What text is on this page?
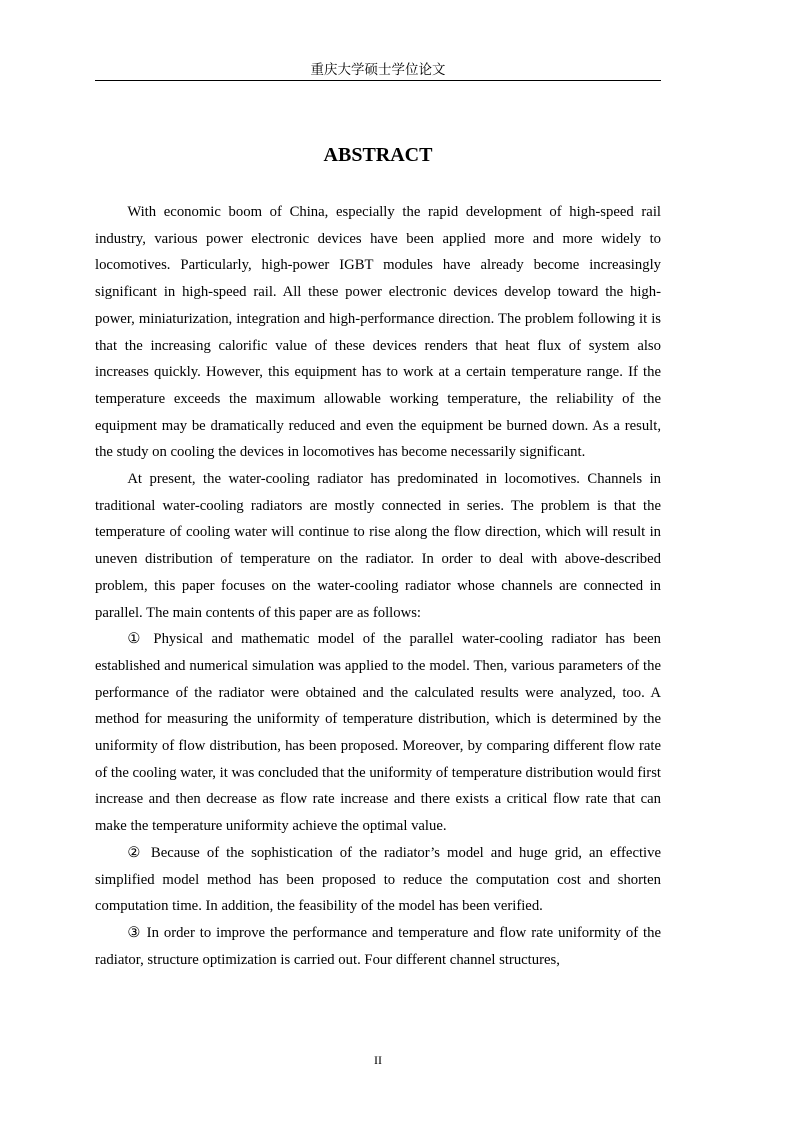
重庆大学硕士学位论文
ABSTRACT

With economic boom of China, especially the rapid development of high-speed rail industry, various power electronic devices have been applied more and more widely to locomotives. Particularly, high-power IGBT modules have already become increasingly significant in high-speed rail. All these power electronic devices develop toward the high-power, miniaturization, integration and high-performance direction. The problem following it is that the increasing calorific value of these devices renders that heat flux of system also increases quickly. However, this equipment has to work at a certain temperature range. If the temperature exceeds the maximum allowable working temperature, the reliability of the equipment may be dramatically reduced and even the equipment be burned down. As a result, the study on cooling the devices in locomotives has become necessarily significant.

At present, the water-cooling radiator has predominated in locomotives. Channels in traditional water-cooling radiators are mostly connected in series. The problem is that the temperature of cooling water will continue to rise along the flow direction, which will result in uneven distribution of temperature on the radiator. In order to deal with above-described problem, this paper focuses on the water-cooling radiator whose channels are connected in parallel. The main contents of this paper are as follows:

① Physical and mathematic model of the parallel water-cooling radiator has been established and numerical simulation was applied to the model. Then, various parameters of the performance of the radiator were obtained and the calculated results were analyzed, too. A method for measuring the uniformity of temperature distribution, which is determined by the uniformity of flow distribution, has been proposed. Moreover, by comparing different flow rate of the cooling water, it was concluded that the uniformity of temperature distribution would first increase and then decrease as flow rate increase and there exists a critical flow rate that can make the temperature uniformity achieve the optimal value.

② Because of the sophistication of the radiator’s model and huge grid, an effective simplified model method has been proposed to reduce the computation cost and shorten computation time. In addition, the feasibility of the model has been verified.

③ In order to improve the performance and temperature and flow rate uniformity of the radiator, structure optimization is carried out. Four different channel structures,

II
